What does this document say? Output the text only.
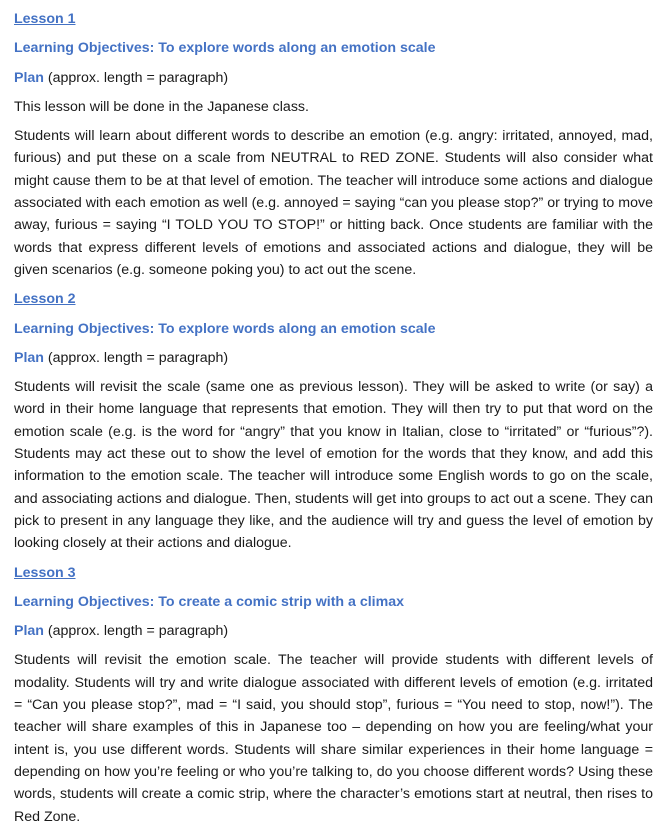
Lesson 1
Learning Objectives: To explore words along an emotion scale
Plan (approx. length = paragraph)

This lesson will be done in the Japanese class.

Students will learn about different words to describe an emotion (e.g. angry: irritated, annoyed, mad, furious) and put these on a scale from NEUTRAL to RED ZONE. Students will also consider what might cause them to be at that level of emotion. The teacher will introduce some actions and dialogue associated with each emotion as well (e.g. annoyed = saying “can you please stop?” or trying to move away, furious = saying “I TOLD YOU TO STOP!” or hitting back. Once students are familiar with the words that express different levels of emotions and associated actions and dialogue, they will be given scenarios (e.g. someone poking you) to act out the scene.

Lesson 2
Learning Objectives: To explore words along an emotion scale
Plan (approx. length = paragraph)

Students will revisit the scale (same one as previous lesson). They will be asked to write (or say) a word in their home language that represents that emotion. They will then try to put that word on the emotion scale (e.g. is the word for “angry” that you know in Italian, close to “irritated” or “furious”?). Students may act these out to show the level of emotion for the words that they know, and add this information to the emotion scale. The teacher will introduce some English words to go on the scale, and associating actions and dialogue. Then, students will get into groups to act out a scene. They can pick to present in any language they like, and the audience will try and guess the level of emotion by looking closely at their actions and dialogue.

Lesson 3
Learning Objectives: To create a comic strip with a climax
Plan (approx. length = paragraph)

Students will revisit the emotion scale. The teacher will provide students with different levels of modality. Students will try and write dialogue associated with different levels of emotion (e.g. irritated = “Can you please stop?”, mad = “I said, you should stop”, furious = “You need to stop, now!”). The teacher will share examples of this in Japanese too – depending on how you are feeling/what your intent is, you use different words. Students will share similar experiences in their home language = depending on how you’re feeling or who you’re talking to, do you choose different words? Using these words, students will create a comic strip, where the character’s emotions start at neutral, then rises to Red Zone.
